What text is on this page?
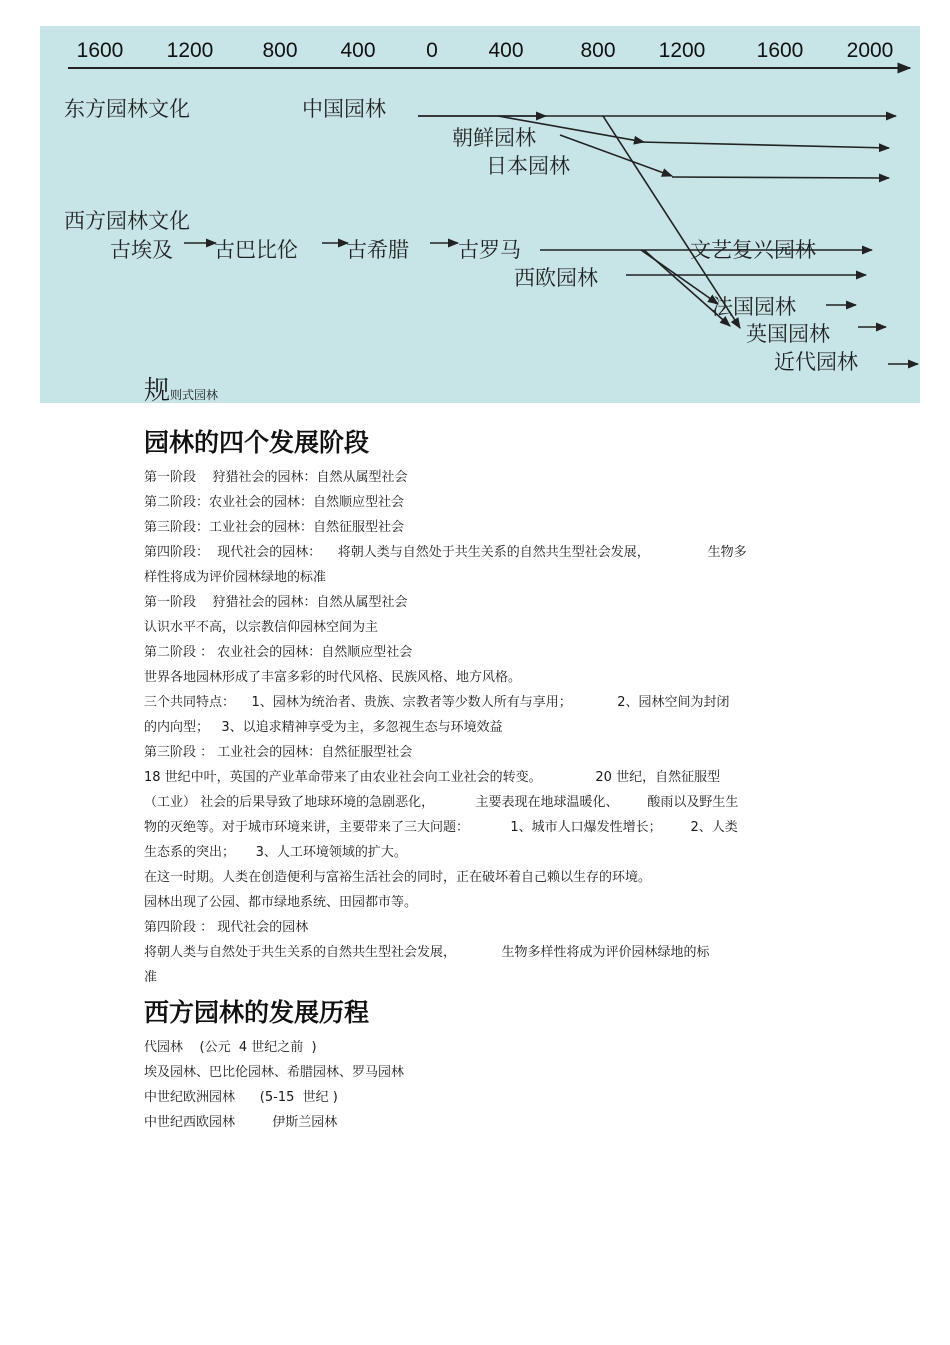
1600 1200 800 400 0 400	800 1200 1600 2000
东方园林文化	中国园林
朝鲜园林
日本园林
西方园林文化
古埃及 古巴比伦 古希腊 古罗马	文艺复兴园林
西欧园林
法国园林
英国园林
近代园林
规则式园林
园林的四个发展阶段

第一阶段    狩猎社会的园林：自然从属型社会

第二阶段：农业社会的园林：自然顺应型社会

第三阶段：工业社会的园林：自然征服型社会

第四阶段：  现代社会的园林：    将朝人类与自然处于共生关系的自然共生型社会发展，              生物多

样性将成为评价园林绿地的标准

第一阶段    狩猎社会的园林：自然从属型社会

认识水平不高，以宗教信仰园林空间为主

第二阶段 ： 农业社会的园林：自然顺应型社会

世界各地园林形成了丰富多彩的时代风格、民族风格、地方风格。

三个共同特点：    1、园林为统治者、贵族、宗教者等少数人所有与享用；           2、园林空间为封闭

的内向型；   3、以追求精神享受为主，多忽视生态与环境效益

第三阶段 ： 工业社会的园林：自然征服型社会

18 世纪中叶，英国的产业革命带来了由农业社会向工业社会的转变。             20 世纪，自然征服型

（工业） 社会的后果导致了地球环境的急剧恶化，          主要表现在地球温暖化、       酸雨以及野生生

物的灭绝等。对于城市环境来讲，主要带来了三大问题：          1、城市人口爆发性增长；       2、人类

生态系的突出；     3、人工环境领域的扩大。

在这一时期。人类在创造便利与富裕生活社会的同时，正在破坏着自己赖以生存的环境。

园林出现了公园、都市绿地系统、田园都市等。

第四阶段 ： 现代社会的园林

将朝人类与自然处于共生关系的自然共生型社会发展，           生物多样性将成为评价园林绿地的标

准

西方园林的发展历程

代园林    (公元  4 世纪之前  )

埃及园林、巴比伦园林、希腊园林、罗马园林

中世纪欧洲园林      (5-15  世纪 )

中世纪西欧园林         伊斯兰园林
